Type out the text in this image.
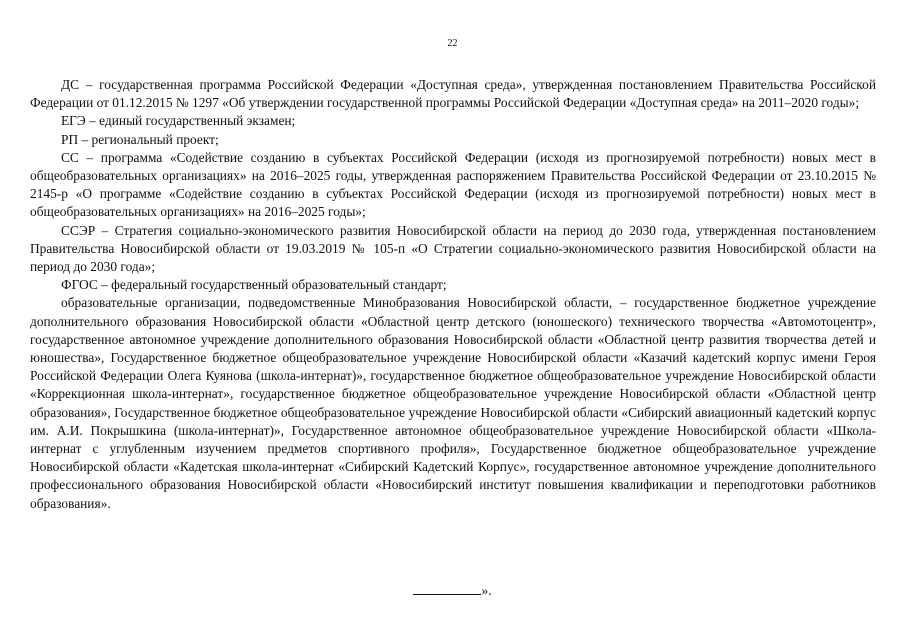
22

ДС – государственная программа Российской Федерации «Доступная среда», утвержденная постановлением Правительства Российской Федерации от 01.12.2015 № 1297 «Об утверждении государственной программы Российской Федерации «Доступная среда» на 2011–2020 годы»;

ЕГЭ – единый государственный экзамен;

РП – региональный проект;

СС – программа «Содействие созданию в субъектах Российской Федерации (исходя из прогнозируемой потребности) новых мест в общеобразовательных организациях» на 2016–2025 годы, утвержденная распоряжением Правительства Российской Федерации от 23.10.2015 № 2145-р «О программе «Содействие созданию в субъектах Российской Федерации (исходя из прогнозируемой потребности) новых мест в общеобразовательных организациях» на 2016–2025 годы»;

ССЭР – Стратегия социально-экономического развития Новосибирской области на период до 2030 года, утвержденная постановлением Правительства Новосибирской области от 19.03.2019 № 105-п «О Стратегии социально-экономического развития Новосибирской области на период до 2030 года»;

ФГОС – федеральный государственный образовательный стандарт;

образовательные организации, подведомственные Минобразования Новосибирской области, – государственное бюджетное учреждение дополнительного образования Новосибирской области «Областной центр детского (юношеского) технического творчества «Автомотоцентр», государственное автономное учреждение дополнительного образования Новосибирской области «Областной центр развития творчества детей и юношества», Государственное бюджетное общеобразовательное учреждение Новосибирской области «Казачий кадетский корпус имени Героя Российской Федерации Олега Куянова (школа-интернат)», государственное бюджетное общеобразовательное учреждение Новосибирской области «Коррекционная школа-интернат», государственное бюджетное общеобразовательное учреждение Новосибирской области «Областной центр образования», Государственное бюджетное общеобразовательное учреждение Новосибирской области «Сибирский авиационный кадетский корпус им. А.И. Покрышкина (школа-интернат)», Государственное автономное общеобразовательное учреждение Новосибирской области «Школа-интернат с углубленным изучением предметов спортивного профиля», Государственное бюджетное общеобразовательное учреждение Новосибирской области «Кадетская школа-интернат «Сибирский Кадетский Корпус», государственное автономное учреждение дополнительного профессионального образования Новосибирской области «Новосибирский институт повышения квалификации и переподготовки работников образования».

».
